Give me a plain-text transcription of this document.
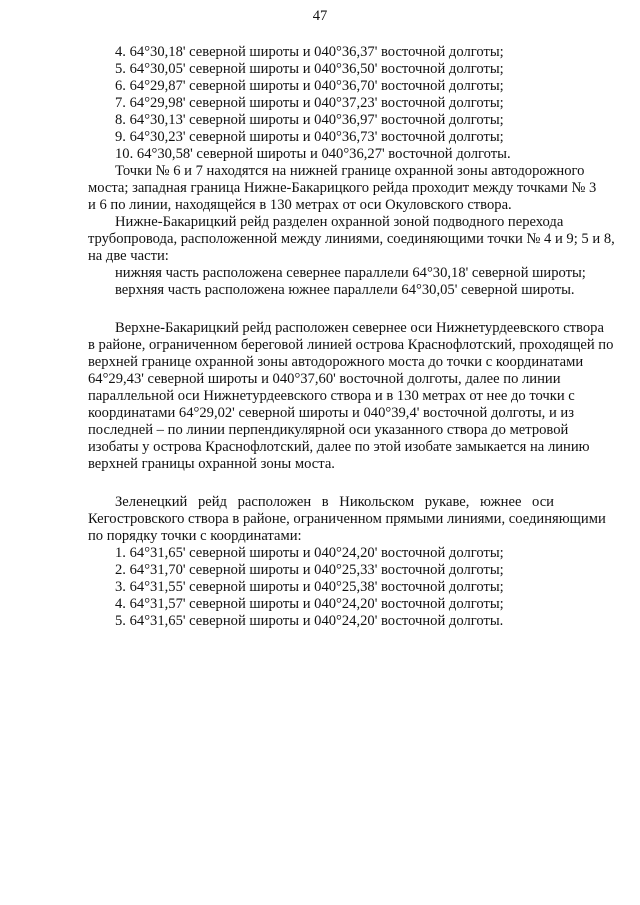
47
4. 64°30,18' северной широты и 040°36,37' восточной долготы;
5. 64°30,05' северной широты и 040°36,50' восточной долготы;
6. 64°29,87' северной широты и 040°36,70' восточной долготы;
7. 64°29,98' северной широты и 040°37,23' восточной долготы;
8. 64°30,13' северной широты и 040°36,97' восточной долготы;
9. 64°30,23' северной широты и 040°36,73' восточной долготы;
10. 64°30,58' северной широты и 040°36,27' восточной долготы.
Точки № 6 и 7 находятся на нижней границе охранной зоны автодорожного
моста; западная граница Нижне-Бакарицкого рейда проходит между точками № 3
и 6 по линии, находящейся в 130 метрах от оси Окуловского створа.
Нижне-Бакарицкий рейд разделен охранной зоной подводного перехода
трубопровода, расположенной между линиями, соединяющими точки № 4 и 9; 5 и 8,
на две части:
нижняя часть расположена севернее параллели 64°30,18' северной широты;
верхняя часть расположена южнее параллели 64°30,05' северной широты.
Верхне-Бакарицкий рейд расположен севернее оси Нижнетурдеевского створа
в районе, ограниченном береговой линией острова Краснофлотский, проходящей по
верхней границе охранной зоны автодорожного моста до точки с координатами
64°29,43' северной широты и 040°37,60' восточной долготы, далее по линии
параллельной оси Нижнетурдеевского створа и в 130 метрах от нее до точки с
координатами 64°29,02' северной широты и 040°39,4' восточной долготы, и из
последней – по линии перпендикулярной оси указанного створа до метровой
изобаты у острова Краснофлотский, далее по этой изобате замыкается на линию
верхней границы охранной зоны моста.
Зеленецкий рейд расположен в Никольском рукаве, южнее оси
Кегостровского створа в районе, ограниченном прямыми линиями, соединяющими
по порядку точки с координатами:
1. 64°31,65' северной широты и 040°24,20' восточной долготы;
2. 64°31,70' северной широты и 040°25,33' восточной долготы;
3. 64°31,55' северной широты и 040°25,38' восточной долготы;
4. 64°31,57' северной широты и 040°24,20' восточной долготы;
5. 64°31,65' северной широты и 040°24,20' восточной долготы.
